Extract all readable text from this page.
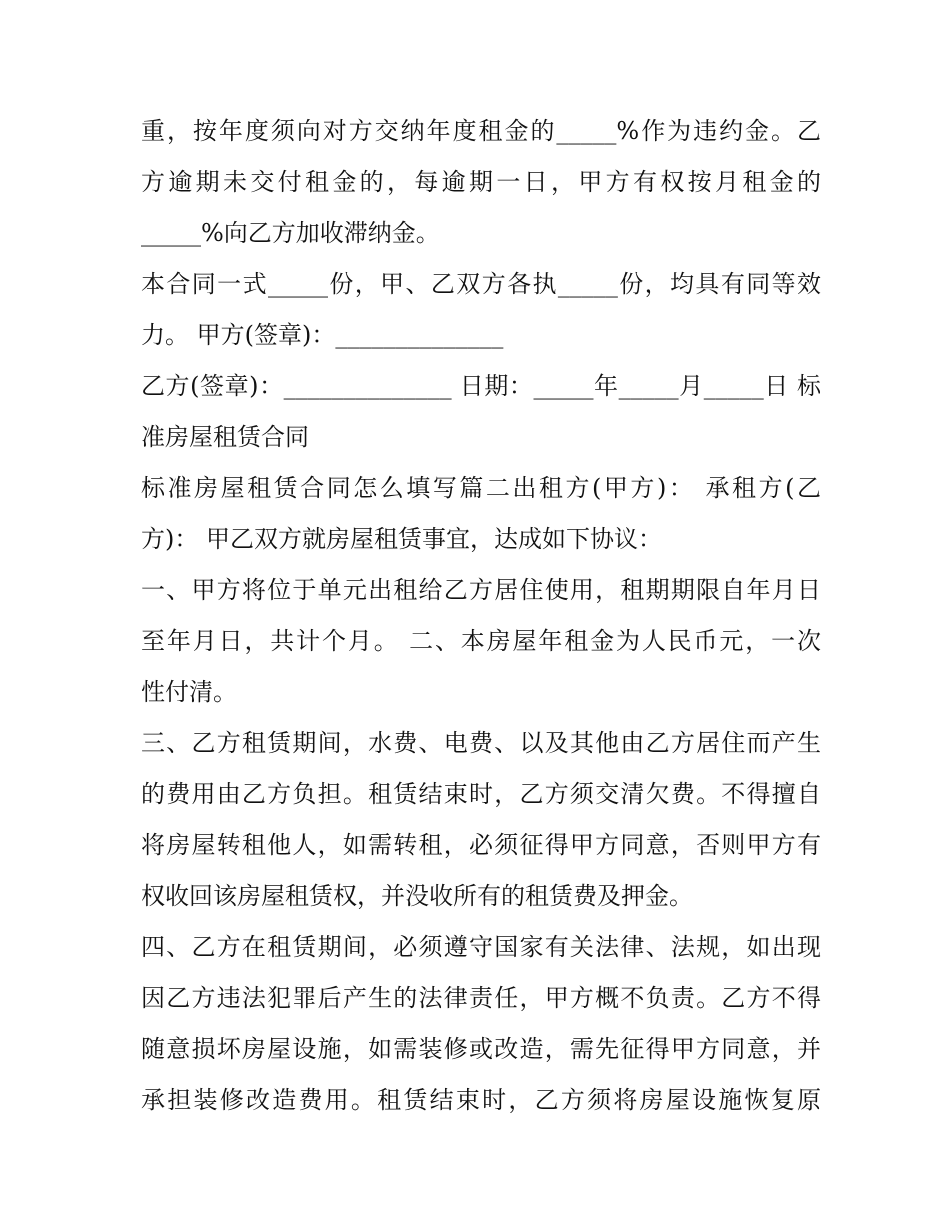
重，按年度须向对方交纳年度租金的_____%作为违约金。乙
方逾期未交付租金的，每逾期一日，甲方有权按月租金的
_____%向乙方加收滞纳金。
本合同一式_____份，甲、乙双方各执_____份，均具有同等效
力。 甲方(签章)：______________
乙方(签章)：______________ 日期：_____年_____月_____日 标
准房屋租赁合同
标准房屋租赁合同怎么填写篇二出租方(甲方)： 承租方(乙
方)： 甲乙双方就房屋租赁事宜，达成如下协议：
一、甲方将位于单元出租给乙方居住使用，租期期限自年月日
至年月日，共计个月。 二、本房屋年租金为人民币元，一次
性付清。
三、乙方租赁期间，水费、电费、以及其他由乙方居住而产生
的费用由乙方负担。租赁结束时，乙方须交清欠费。不得擅自
将房屋转租他人，如需转租，必须征得甲方同意，否则甲方有
权收回该房屋租赁权，并没收所有的租赁费及押金。
四、乙方在租赁期间，必须遵守国家有关法律、法规，如出现
因乙方违法犯罪后产生的法律责任，甲方概不负责。乙方不得
随意损坏房屋设施，如需装修或改造，需先征得甲方同意，并
承担装修改造费用。租赁结束时，乙方须将房屋设施恢复原
